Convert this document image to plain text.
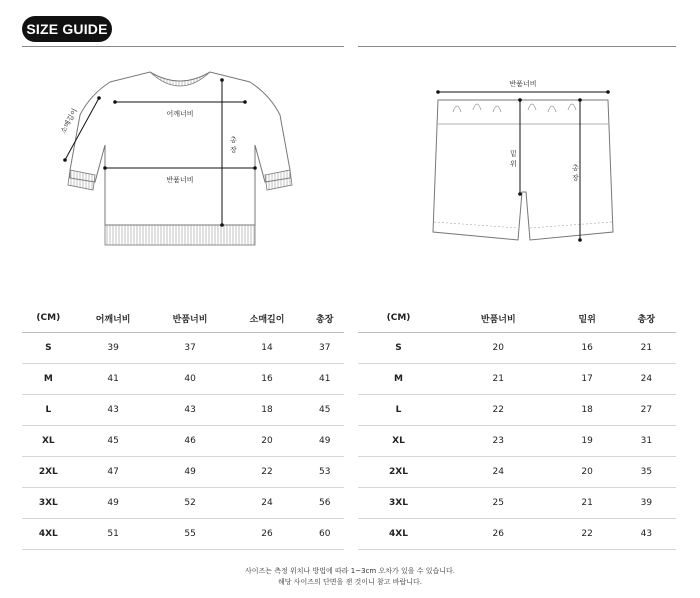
SIZE GUIDE
어깨너비
반품너비
총
장
소매길이
반품너비
밑
위	총
장
(CM)	어깨너비	반품너비	소매길이	총장
S	39	37	14	37
M	41	40	16	41
L	43	43	18	45
XL	45	46	20	49
2XL	47	49	22	53
3XL	49	52	24	56
4XL	51	55	26	60
(CM)	반품너비	밑위	총장
S	20	16	21
M	21	17	24
L	22	18	27
XL	23	19	31
2XL	24	20	35
3XL	25	21	39
4XL	26	22	43
사이즈는 측정 위치나 방법에 따라 1~3cm 오차가 있을 수 있습니다.
해당 사이즈의 단면을 잰 것이니 참고 바랍니다.
